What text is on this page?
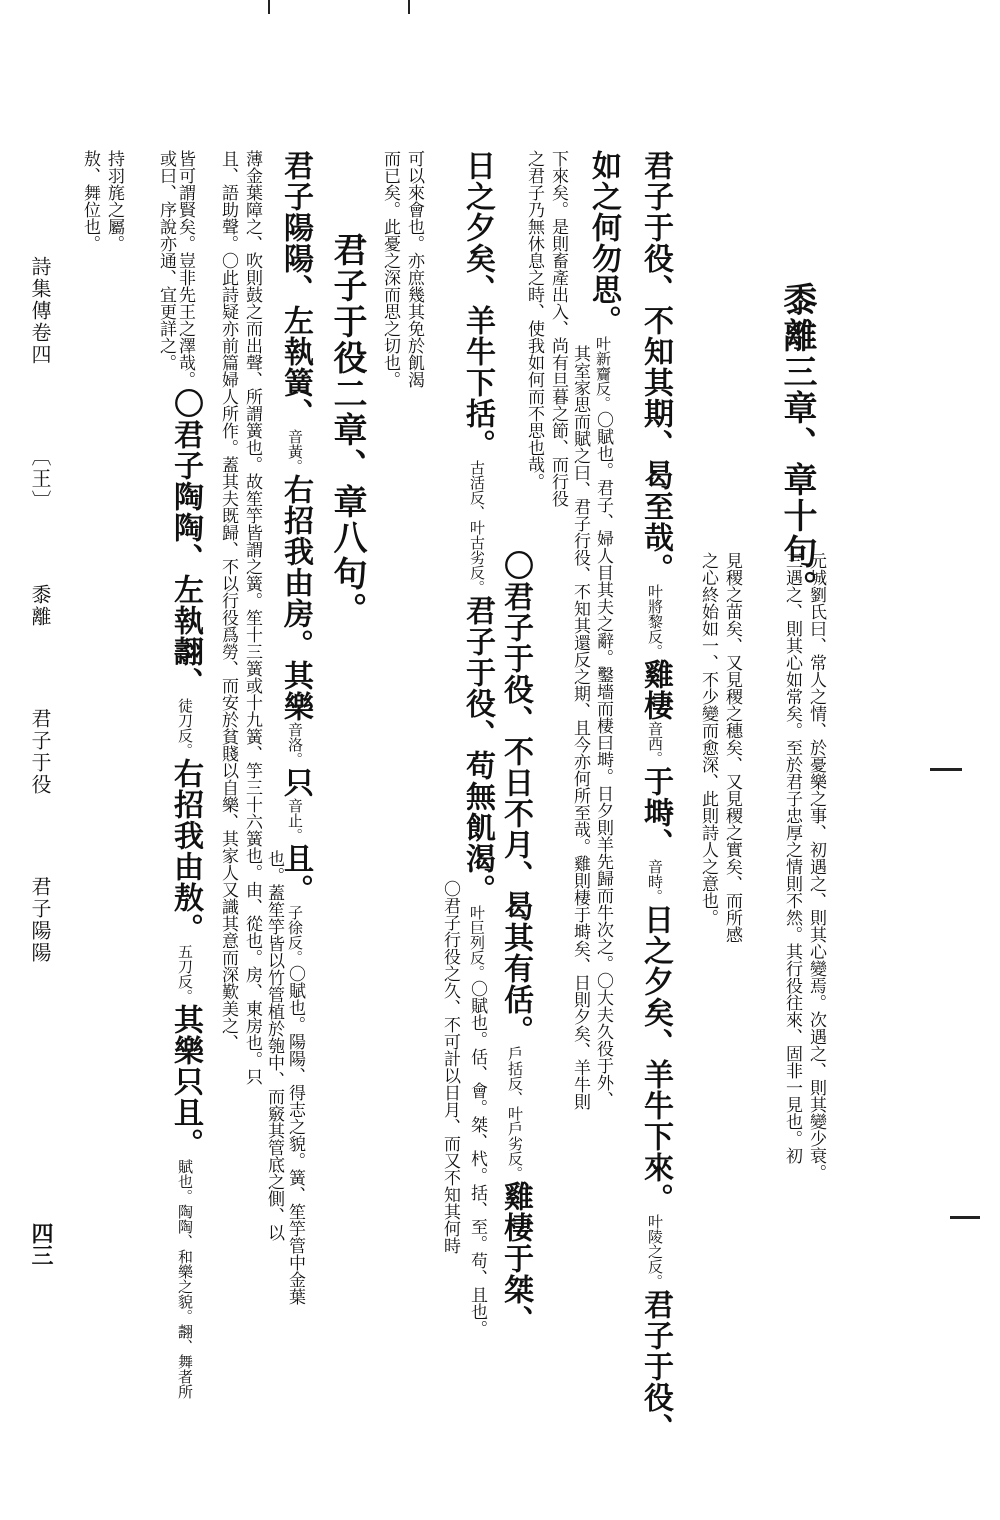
黍離三章、章十句。
元城劉氏曰、常人之情、於憂樂之事、初遇之、則其心變焉。次遇之、則其變少衰。
三遇之、則其心如常矣。至於君子忠厚之情則不然。其行役往來、固非一見也。初
見稷之苗矣、又見稷之穗矣、又見稷之實矣、而所感
之心終始如一、不少變而愈深、此則詩人之意也。
君子于役、不知其期、曷至哉。叶將黎反。雞棲音西。于塒、音時。日之夕矣、羊牛下來。叶陵之反。君子于役、
如之何勿思。叶新齎反。〇賦也。君子、婦人目其夫之辭。鑿墻而棲曰塒。日夕則羊先歸而牛次之。〇大夫久役于外、
其室家思而賦之曰、君子行役、不知其還反之期、且今亦何所至哉。雞則棲于塒矣、日則夕矣、羊牛則
下來矣。是則畜產出入、尚有旦暮之節、而行役
之君子乃無休息之時、使我如何而不思也哉。
〇君子于役、不日不月、曷其有佸。戶括反、叶戶劣反。雞棲于桀、
日之夕矣、羊牛下括。古活反、叶古劣反。君子于役、苟無飢渴。叶巨列反。〇賦也。佸、會。桀、杙。括、至。苟、且也。
〇君子行役之久、不可計以日月、而又不知其何時
可以來會也。亦庶幾其免於飢渴
而已矣。此憂之深而思之切也。
君子于役二章、章八句。
君子陽陽、左執簧、音黃。右招我由房。其樂音洛。只音止。且。子徐反。〇賦也。陽陽、得志之貌。簧、笙竽管中金葉
也。蓋笙竽皆以竹管植於匏中、而竅其管底之側、以
薄金葉障之、吹則鼓之而出聲、所謂簧也。故笙竽皆謂之簧。笙十三簧或十九簧、竽三十六簧也。由、從也。房、東房也。只
且、語助聲。〇此詩疑亦前篇婦人所作。蓋其夫既歸、不以行役爲勞、而安於貧賤以自樂、其家人又識其意而深歎美之、
皆可謂賢矣。豈非先王之澤哉。〇君子陶陶、左執翿、徒刀反。右招我由敖。五刀反。其樂只且。賦也。陶陶、和樂之貌。翿、舞者所
或曰、序說亦通、宜更詳之。
持羽旄之屬。
敖、舞位也。
詩集傳卷四  〔王〕  黍離  君子于役  君子陽陽
四三
